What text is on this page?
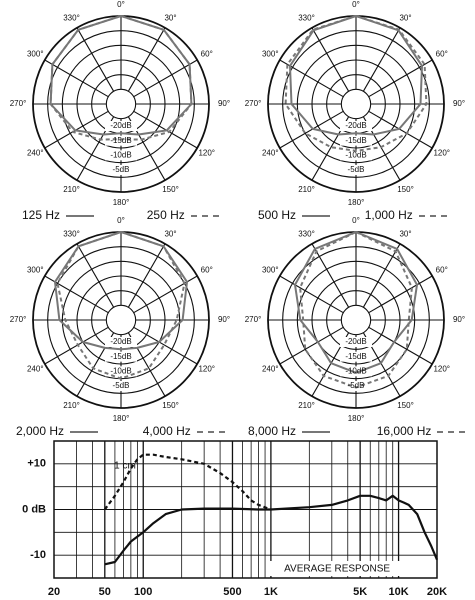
0°
30°
60°
90°
120°
150°
180°
210°
240°
270°
300°
330°
-20dB
-15dB
-10dB
-5dB
0°
30°
60°
90°
120°
150°
180°
210°
240°
270°
300°
330°
-20dB
-15dB
-10dB
-5dB
0°
30°
60°
90°
120°
150°
180°
210°
240°
270°
300°
330°
-20dB
-15dB
-10dB
-5dB
0°
30°
60°
90°
120°
150°
180°
210°
240°
270°
300°
330°
-20dB
-15dB
-10dB
-5dB
20	50 100	500 1K	5K 10K 20K
+10
0 dB
-10
AVERAGE RESPONSE
1 cm
125 Hz	250 Hz	500 Hz	1,000 Hz
2,000 Hz	4,000 Hz	8,000 Hz	16,000 Hz
